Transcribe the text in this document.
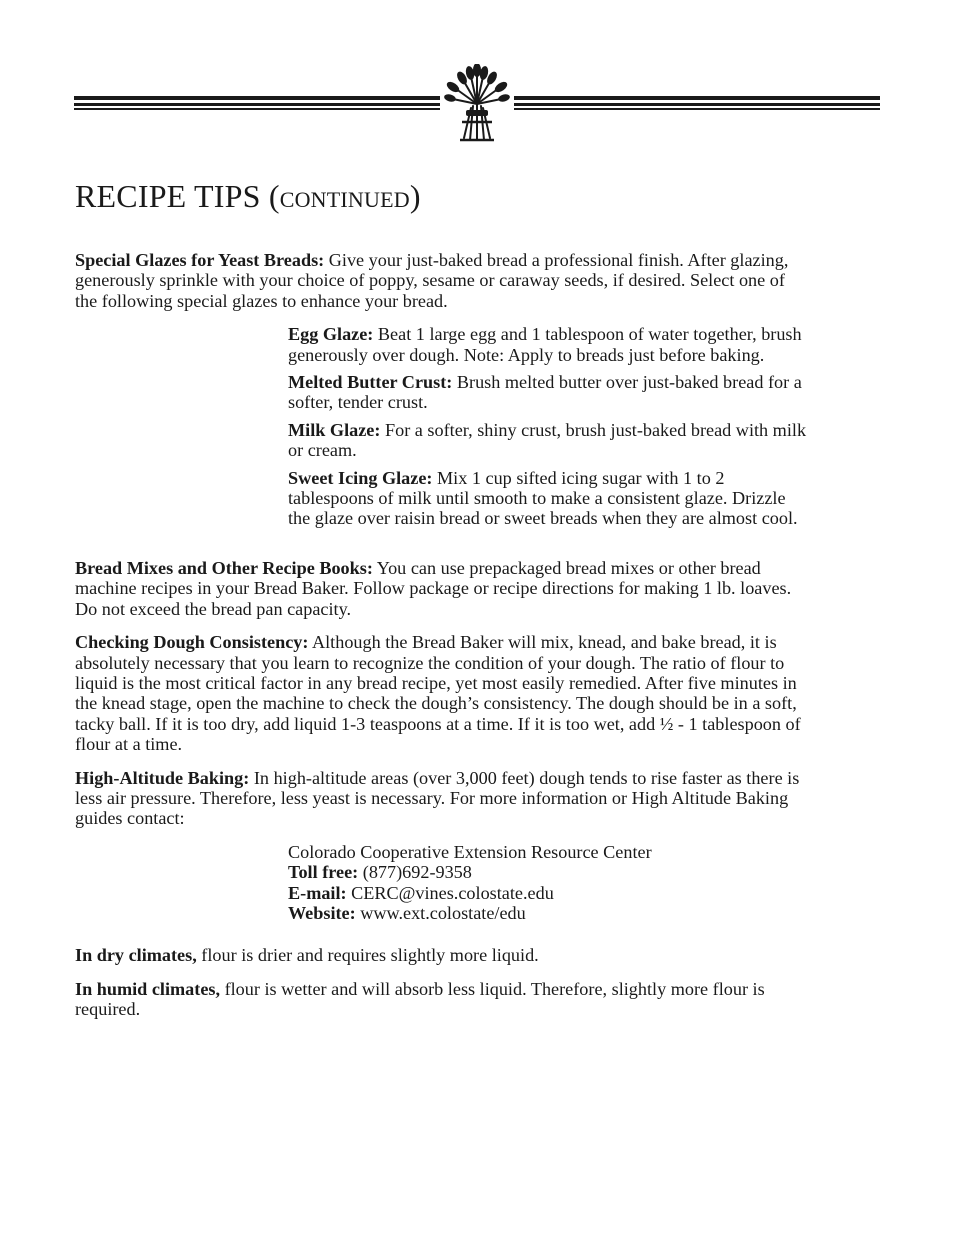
RECIPE TIPS (continued)

Special Glazes for Yeast Breads: Give your just-baked bread a professional finish. After glazing, generously sprinkle with your choice of poppy, sesame or caraway seeds, if desired. Select one of the following special glazes to enhance your bread.

Egg Glaze: Beat 1 large egg and 1 tablespoon of water together, brush generously over dough. Note: Apply to breads just before baking.

Melted Butter Crust: Brush melted butter over just-baked bread for a softer, tender crust.

Milk Glaze: For a softer, shiny crust, brush just-baked bread with milk or cream.

Sweet Icing Glaze: Mix 1 cup sifted icing sugar with 1 to 2 tablespoons of milk until smooth to make a consistent glaze. Drizzle the glaze over raisin bread or sweet breads when they are almost cool.

Bread Mixes and Other Recipe Books: You can use prepackaged bread mixes or other bread machine recipes in your Bread Baker. Follow package or recipe directions for making 1 lb. loaves. Do not exceed the bread pan capacity.

Checking Dough Consistency: Although the Bread Baker will mix, knead, and bake bread, it is absolutely necessary that you learn to recognize the condition of your dough. The ratio of flour to liquid is the most critical factor in any bread recipe, yet most easily remedied. After five minutes in the knead stage, open the machine to check the dough’s consistency. The dough should be in a soft, tacky ball. If it is too dry, add liquid 1-3 teaspoons at a time. If it is too wet, add ½ - 1 tablespoon of flour at a time.

High-Altitude Baking: In high-altitude areas (over 3,000 feet) dough tends to rise faster as there is less air pressure. Therefore, less yeast is necessary. For more information or High Altitude Baking guides contact:

Colorado Cooperative Extension Resource Center

Toll free: (877)692-9358

E-mail: CERC@vines.colostate.edu

Website: www.ext.colostate/edu

In dry climates, flour is drier and requires slightly more liquid.

In humid climates, flour is wetter and will absorb less liquid. Therefore, slightly more flour is required.
